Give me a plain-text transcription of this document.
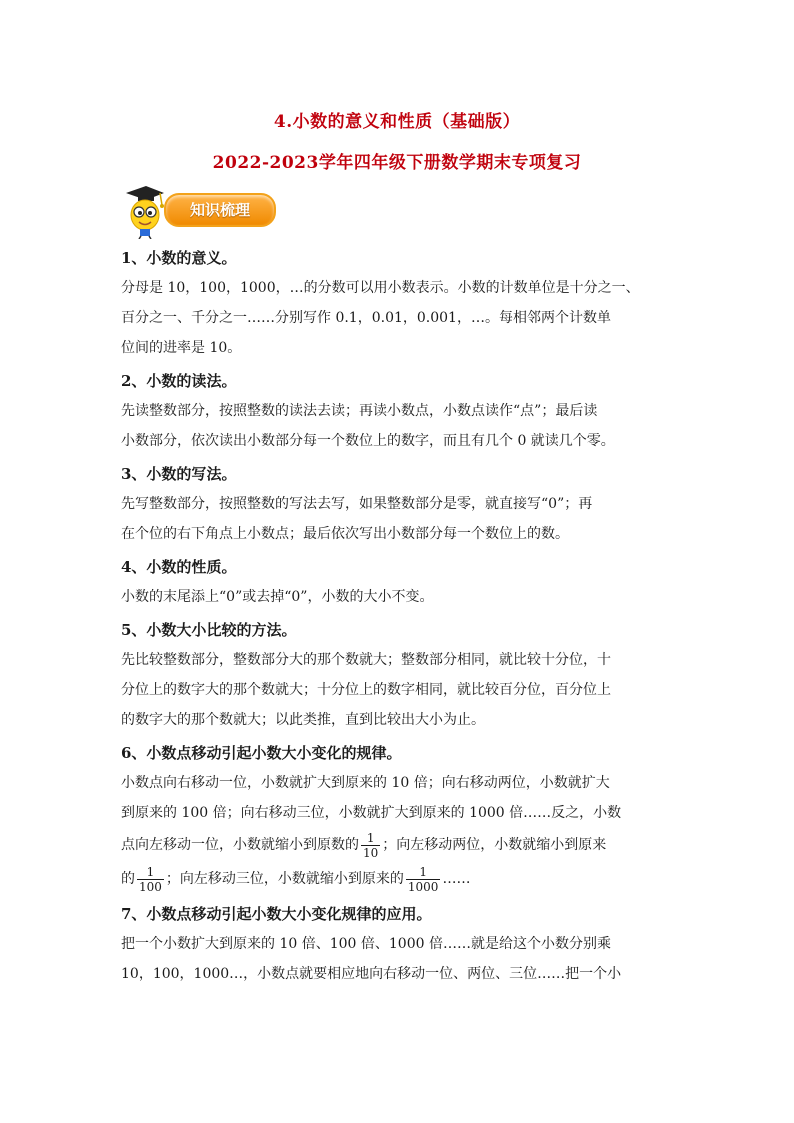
4.小数的意义和性质（基础版）
2022-2023学年四年级下册数学期末专项复习
知识梳理
1、小数的意义。
分母是 10，100，1000，…的分数可以用小数表示。小数的计数单位是十分之一、
百分之一、千分之一……分别写作 0.1，0.01，0.001，…。每相邻两个计数单
位间的进率是 10。
2、小数的读法。
先读整数部分，按照整数的读法去读；再读小数点，小数点读作“点”；最后读
小数部分，依次读出小数部分每一个数位上的数字，而且有几个 0 就读几个零。
3、小数的写法。
先写整数部分，按照整数的写法去写，如果整数部分是零，就直接写“0”；再
在个位的右下角点上小数点；最后依次写出小数部分每一个数位上的数。
4、小数的性质。
小数的末尾添上“0”或去掉“0”，小数的大小不变。
5、小数大小比较的方法。
先比较整数部分，整数部分大的那个数就大；整数部分相同，就比较十分位，十
分位上的数字大的那个数就大；十分位上的数字相同，就比较百分位，百分位上
的数字大的那个数就大；以此类推，直到比较出大小为止。
6、小数点移动引起小数大小变化的规律。
小数点向右移动一位，小数就扩大到原来的 10 倍；向右移动两位，小数就扩大
到原来的 100 倍；向右移动三位，小数就扩大到原来的 1000 倍……反之，小数
点向左移动一位，小数就缩小到原数的 $\frac{1}{10}$ ；向左移动两位，小数就缩小到原来
的 $\frac{1}{100}$ ；向左移动三位，小数就缩小到原来的 $\frac{1}{1000}$ ……
7、小数点移动引起小数大小变化规律的应用。
把一个小数扩大到原来的 10 倍、100 倍、1000 倍……就是给这个小数分别乘
10，100，1000…，小数点就要相应地向右移动一位、两位、三位……把一个小
